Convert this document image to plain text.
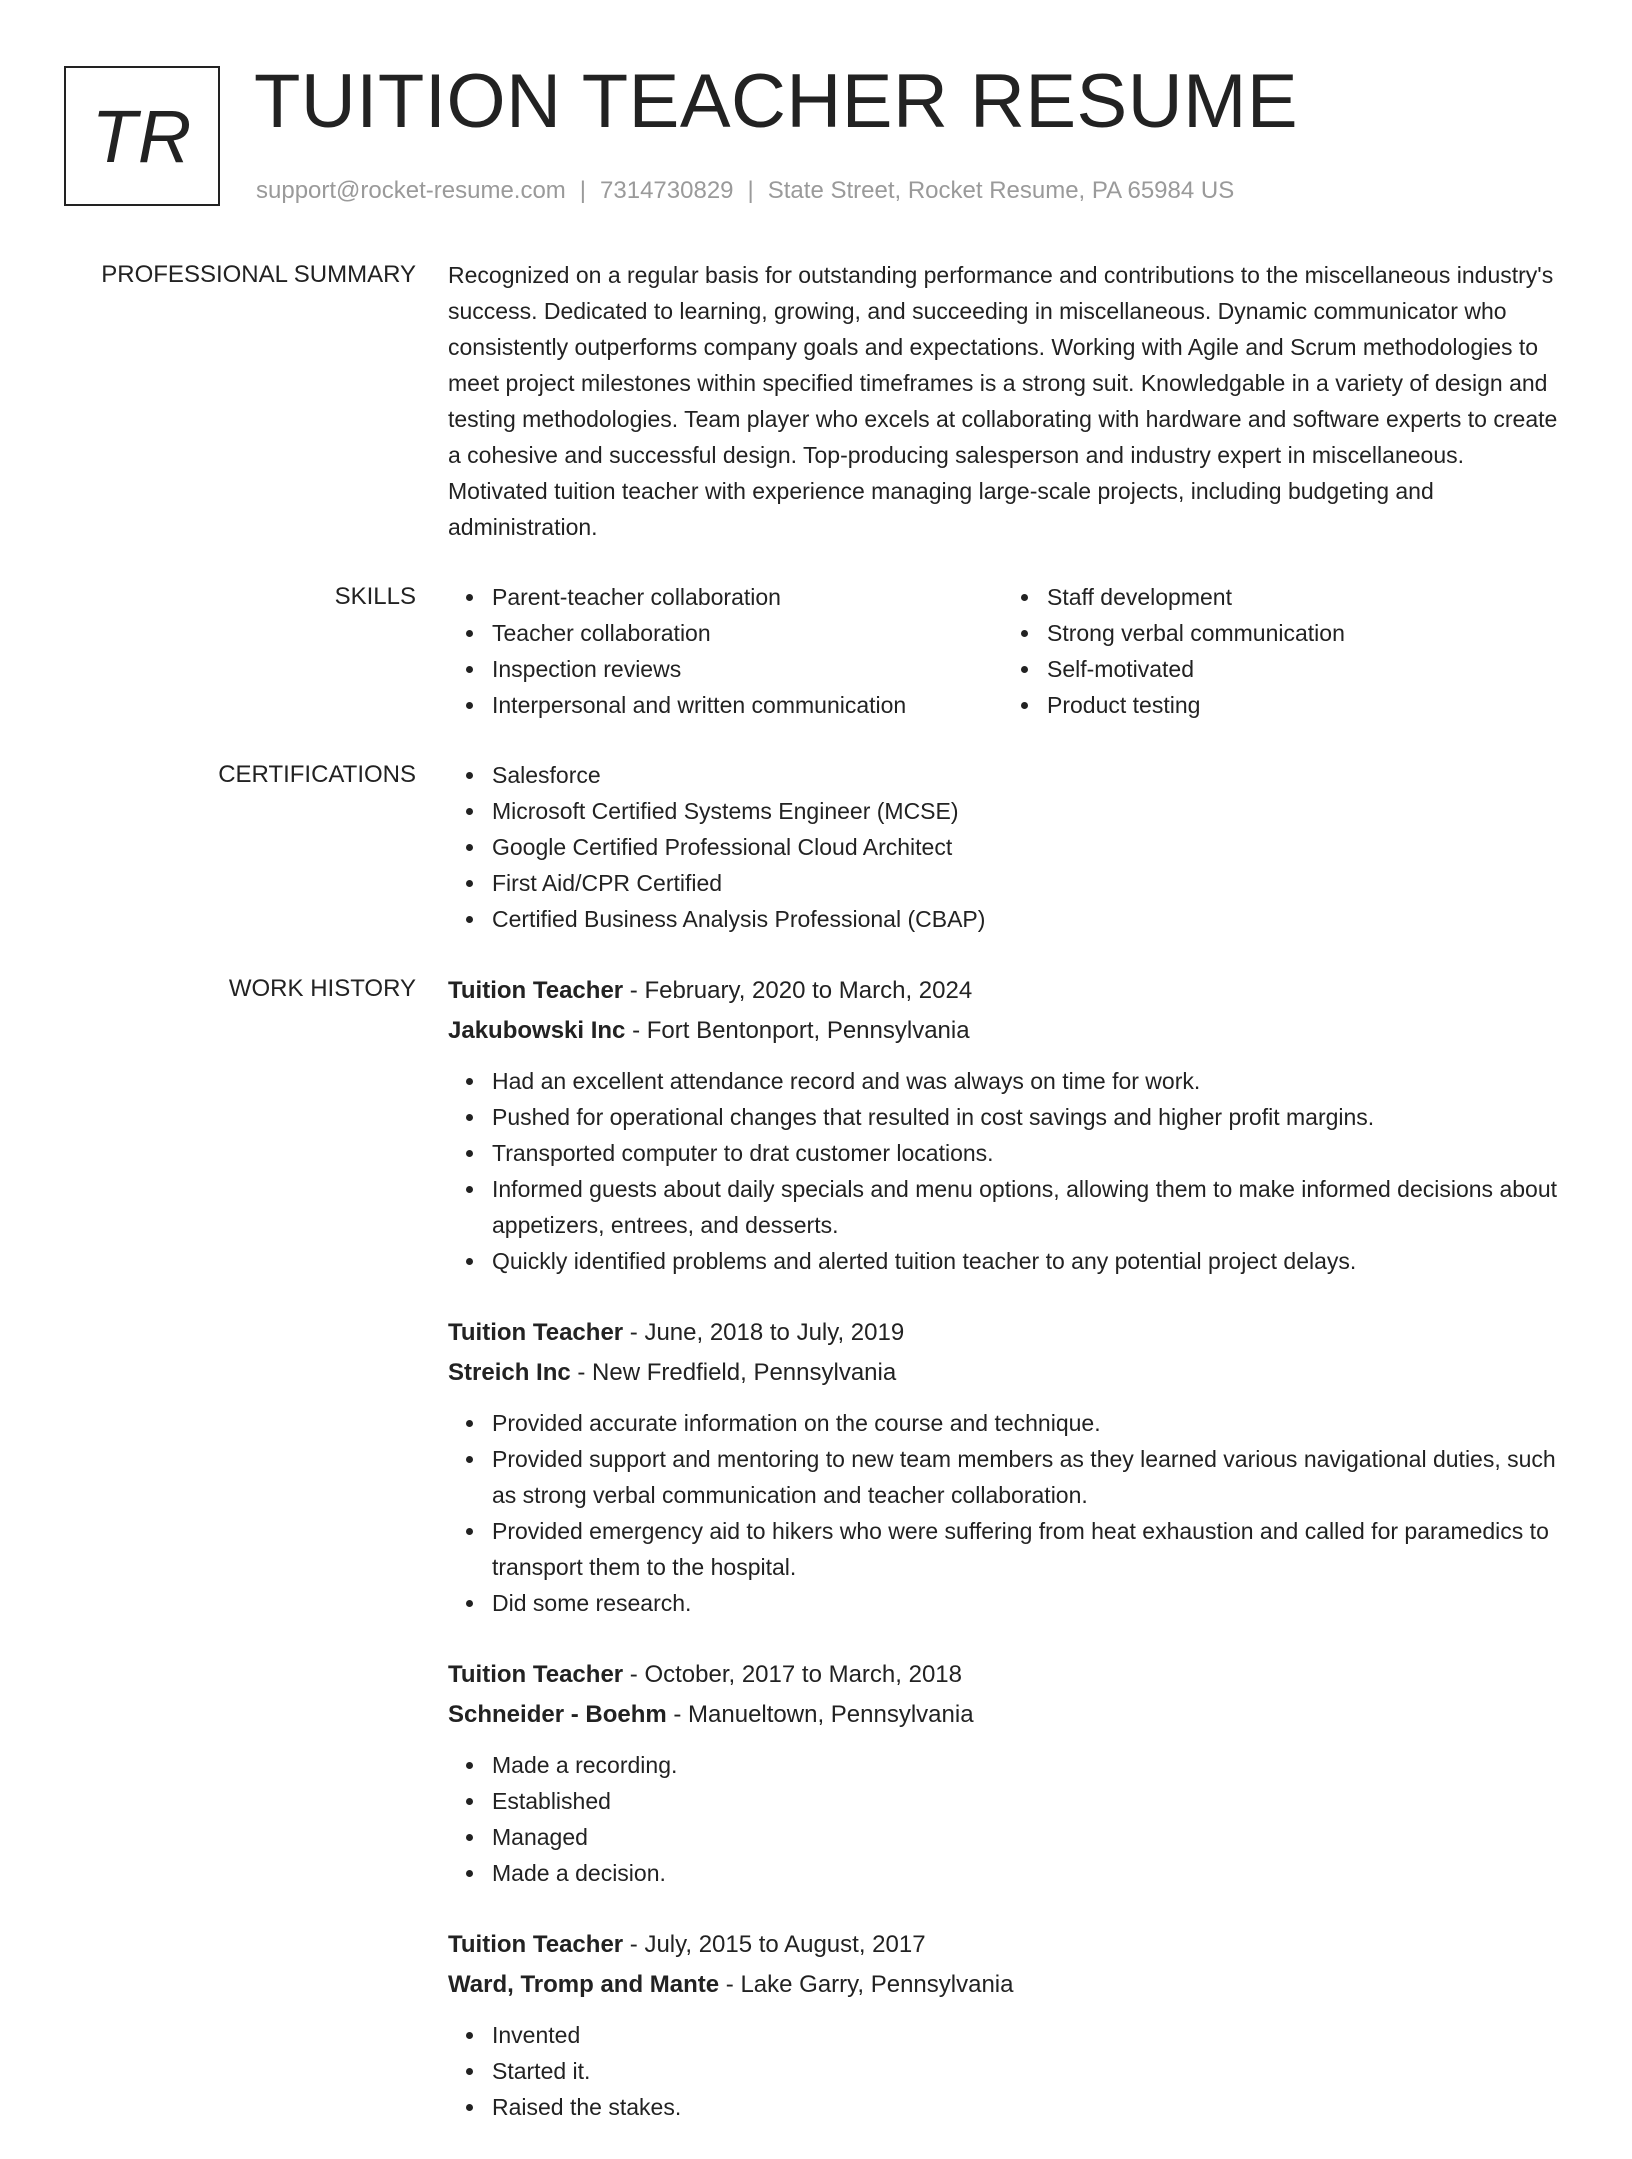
TR TUITION TEACHER RESUME
support@rocket-resume.com | 7314730829 | State Street, Rocket Resume, PA 65984 US
PROFESSIONAL SUMMARY Recognized on a regular basis for outstanding performance and contributions to the miscellaneous industry's success. Dedicated to learning, growing, and succeeding in miscellaneous. Dynamic communicator who consistently outperforms company goals and expectations. Working with Agile and Scrum methodologies to meet project milestones within specified timeframes is a strong suit. Knowledgable in a variety of design and testing methodologies. Team player who excels at collaborating with hardware and software experts to create a cohesive and successful design. Top-producing salesperson and industry expert in miscellaneous. Motivated tuition teacher with experience managing large-scale projects, including budgeting and administration.

SKILLS	Parent-teacher collaboration
Teacher collaboration
Inspection reviews
Interpersonal and written communication
Staff development
Strong verbal communication
Self-motivated
Product testing
CERTIFICATIONS	Salesforce
Microsoft Certified Systems Engineer (MCSE)
Google Certified Professional Cloud Architect
First Aid/CPR Certified
Certified Business Analysis Professional (CBAP)
WORK HISTORY Tuition Teacher - February, 2020 to March, 2024
Jakubowski Inc - Fort Bentonport, Pennsylvania
Had an excellent attendance record and was always on time for work.
Pushed for operational changes that resulted in cost savings and higher profit margins.
Transported computer to drat customer locations.
Informed guests about daily specials and menu options, allowing them to make informed decisions about appetizers, entrees, and desserts.
Quickly identified problems and alerted tuition teacher to any potential project delays.
Tuition Teacher - June, 2018 to July, 2019
Streich Inc - New Fredfield, Pennsylvania
Provided accurate information on the course and technique.
Provided support and mentoring to new team members as they learned various navigational duties, such as strong verbal communication and teacher collaboration.
Provided emergency aid to hikers who were suffering from heat exhaustion and called for paramedics to transport them to the hospital.
Did some research.
Tuition Teacher - October, 2017 to March, 2018
Schneider - Boehm - Manueltown, Pennsylvania
Made a recording.
Established
Managed
Made a decision.
Tuition Teacher - July, 2015 to August, 2017
Ward, Tromp and Mante - Lake Garry, Pennsylvania
Invented
Started it.
Raised the stakes.
